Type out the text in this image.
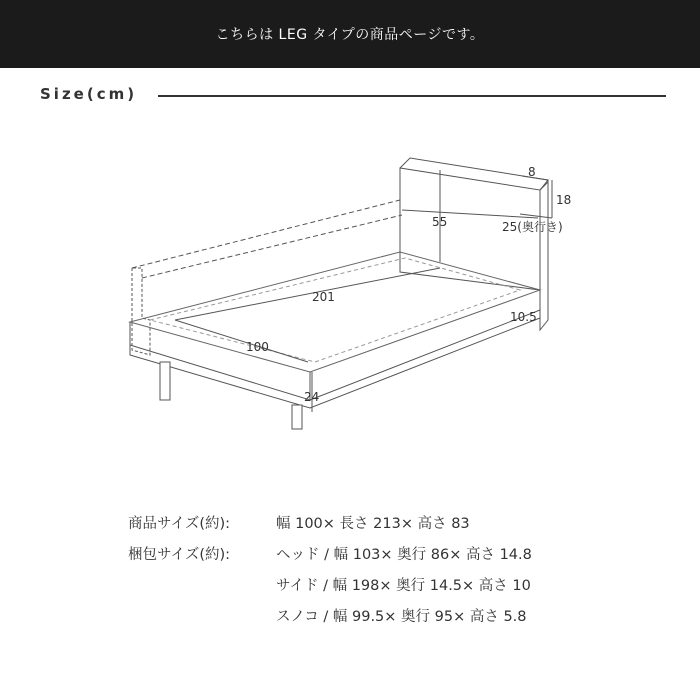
こちらは LEG タイプの商品ページです。
Size(cm)
201
100
55
8
18
25(奥行き)
10.5
24
商品サイズ(約):	幅 100× 長さ 213× 高さ 83
梱包サイズ(約):	ヘッド / 幅 103× 奥行 86× 高さ 14.8
サイド / 幅 198× 奥行 14.5× 高さ 10
スノコ / 幅 99.5× 奥行 95× 高さ 5.8
